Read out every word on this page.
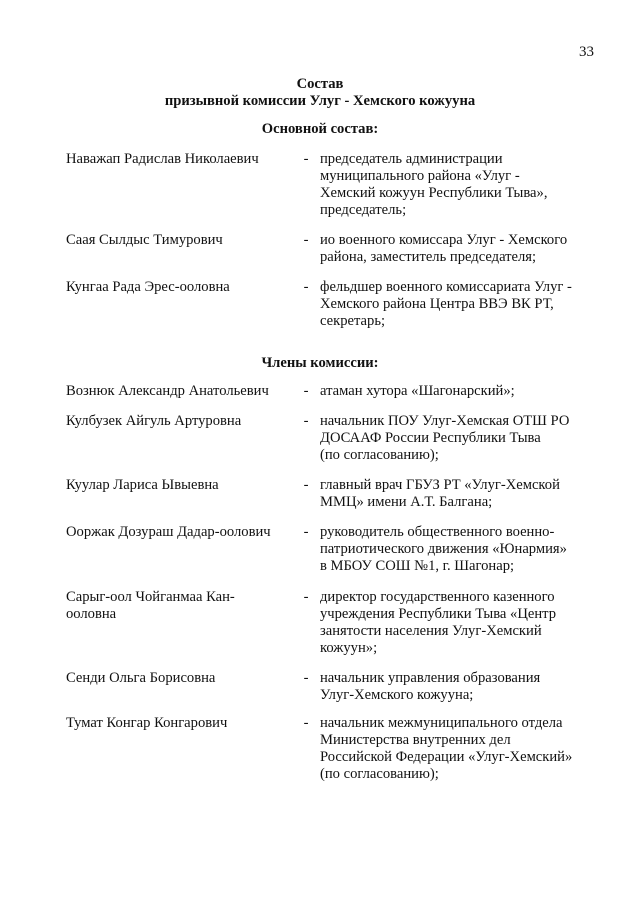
33
Состав
призывной комиссии Улуг - Хемского кожууна
Основной состав:
Наважап Радислав Николаевич	- председатель администрации
муниципального района «Улуг -
Хемский кожуун Республики Тыва»,
председатель;
Саая Сылдыс Тимурович	- ио военного комиссара Улуг - Хемского
района, заместитель председателя;
Кунгаа Рада Эрес-ооловна	- фельдшер военного комиссариата Улуг -
Хемского района Центра ВВЭ ВК РТ,
секретарь;
Члены комиссии:
Вознюк Александр Анатольевич	- атаман хутора «Шагонарский»;
Кулбузек Айгуль Артуровна	- начальник ПОУ Улуг-Хемская ОТШ РО
ДОСААФ России Республики Тыва
(по согласованию);
Куулар Лариса Ывыевна	- главный врач ГБУЗ РТ «Улуг-Хемской
ММЦ» имени А.Т. Балгана;
Ооржак Дозураш Дадар-оолович	- руководитель общественного военно-
патриотического движения «Юнармия»
в МБОУ СОШ №1, г. Шагонар;
Сарыг-оол Чойганмаа Кан-
ооловна
- директор государственного казенного
учреждения Республики Тыва «Центр
занятости населения Улуг-Хемский
кожуун»;
Сенди Ольга Борисовна	- начальник управления образования
Улуг-Хемского кожууна;
Тумат Конгар Конгарович	- начальник межмуниципального отдела
Министерства внутренних дел
Российской Федерации «Улуг-Хемский»
(по согласованию);
